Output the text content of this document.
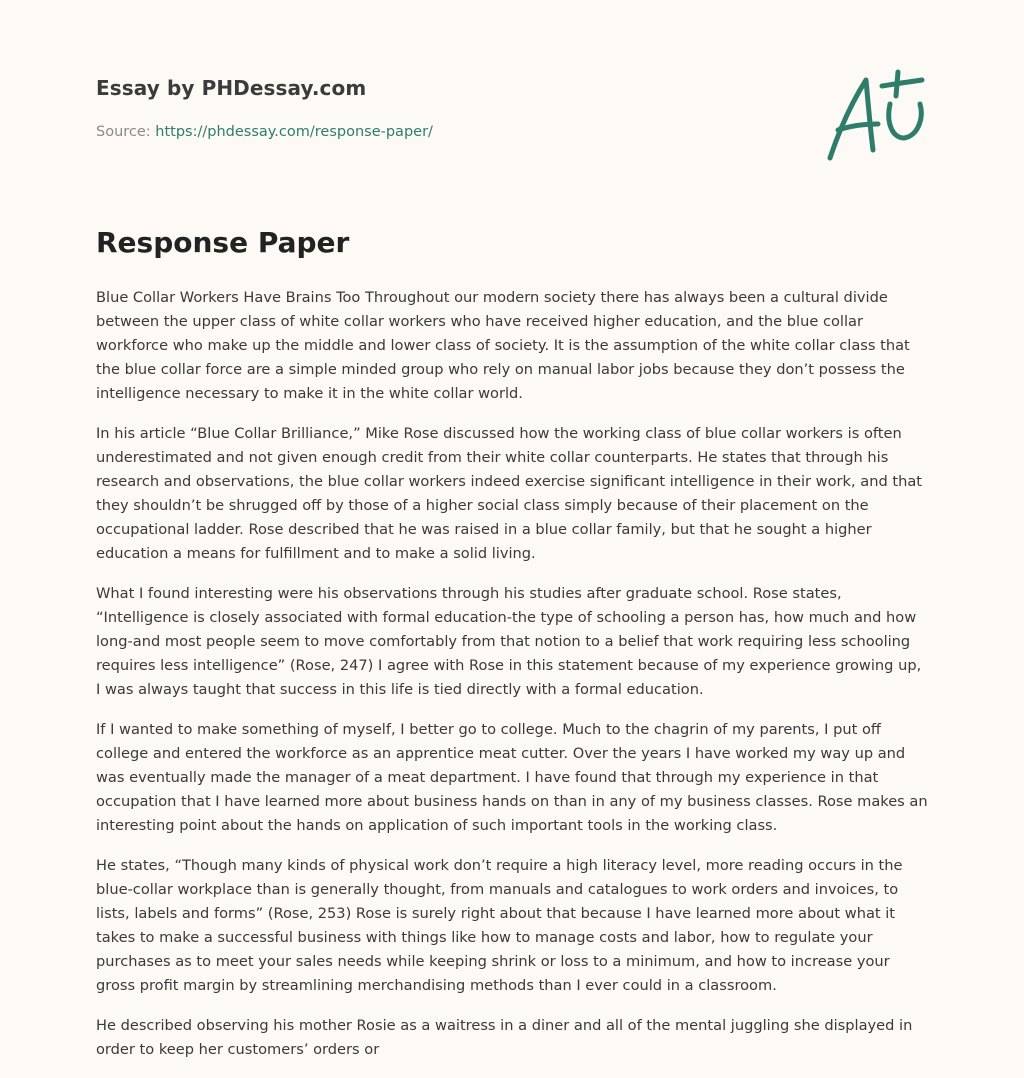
Essay by PHDessay.com
Source: https://phdessay.com/response-paper/
Response Paper

Blue Collar Workers Have Brains Too Throughout our modern society there has always been a cultural divide between the upper class of white collar workers who have received higher education, and the blue collar workforce who make up the middle and lower class of society. It is the assumption of the white collar class that the blue collar force are a simple minded group who rely on manual labor jobs because they don’t possess the intelligence necessary to make it in the white collar world.

In his article “Blue Collar Brilliance,” Mike Rose discussed how the working class of blue collar workers is often underestimated and not given enough credit from their white collar counterparts. He states that through his research and observations, the blue collar workers indeed exercise significant intelligence in their work, and that they shouldn’t be shrugged off by those of a higher social class simply because of their placement on the occupational ladder. Rose described that he was raised in a blue collar family, but that he sought a higher education a means for fulfillment and to make a solid living.

What I found interesting were his observations through his studies after graduate school. Rose states, “Intelligence is closely associated with formal education-the type of schooling a person has, how much and how long-and most people seem to move comfortably from that notion to a belief that work requiring less schooling requires less intelligence” (Rose, 247) I agree with Rose in this statement because of my experience growing up, I was always taught that success in this life is tied directly with a formal education.

If I wanted to make something of myself, I better go to college. Much to the chagrin of my parents, I put off college and entered the workforce as an apprentice meat cutter. Over the years I have worked my way up and was eventually made the manager of a meat department. I have found that through my experience in that occupation that I have learned more about business hands on than in any of my business classes. Rose makes an interesting point about the hands on application of such important tools in the working class.

He states, “Though many kinds of physical work don’t require a high literacy level, more reading occurs in the blue-collar workplace than is generally thought, from manuals and catalogues to work orders and invoices, to lists, labels and forms” (Rose, 253) Rose is surely right about that because I have learned more about what it takes to make a successful business with things like how to manage costs and labor, how to regulate your purchases as to meet your sales needs while keeping shrink or loss to a minimum, and how to increase your gross profit margin by streamlining merchandising methods than I ever could in a classroom.

He described observing his mother Rosie as a waitress in a diner and all of the mental juggling she displayed in order to keep her customers’ orders or
